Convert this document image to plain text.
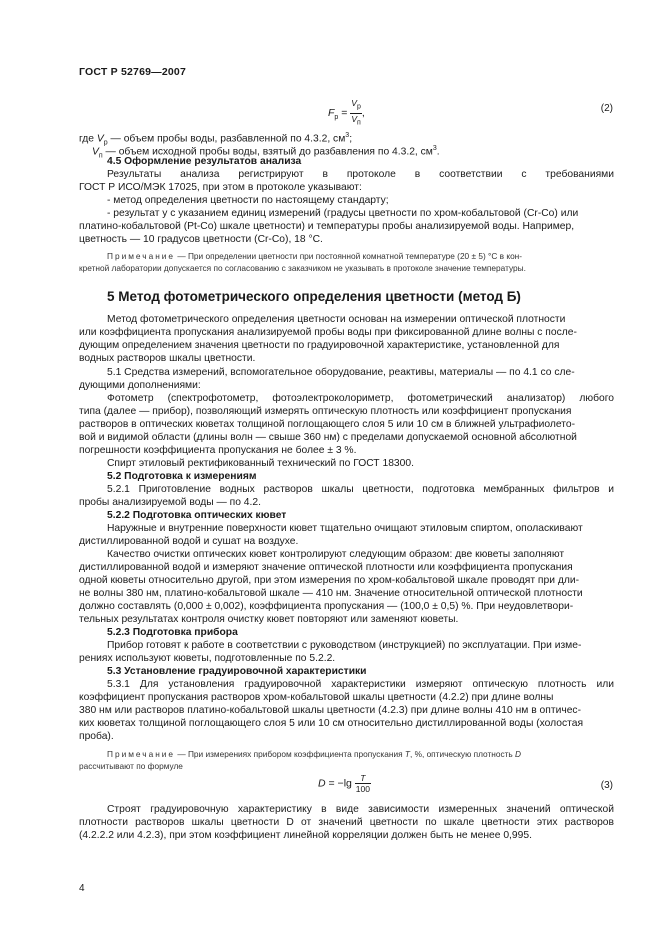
ГОСТ Р 52769—2007
$F_р = \frac{V_р}{V_п}$ ,	(2)
где $V_р$ — объем пробы воды, разбавленной по 4.3.2, $см^3$;
$V_п$ — объем исходной пробы воды, взятый до разбавления по 4.3.2, $см^3$.
4.5 Оформление результатов анализа
Результаты анализа регистрируют в протоколе в соответствии с требованиями
ГОСТ Р ИСО/МЭК 17025, при этом в протоколе указывают:
- метод определения цветности по настоящему стандарту;
- результат у с указанием единиц измерений (градусы цветности по хром-кобальтовой (Cr-Co) или
платино-кобальтовой (Pt-Co) шкале цветности) и температуры пробы анализируемой воды. Например,
цветность — 10 градусов цветности (Cr-Co), 18 °С.
Примечание — При определении цветности при постоянной комнатной температуре (20 ± 5) °С в кон-
кретной лаборатории допускается по согласованию с заказчиком не указывать в протоколе значение температуры.
5 Метод фотометрического определения цветности (метод Б)
Метод фотометрического определения цветности основан на измерении оптической плотности
или коэффициента пропускания анализируемой пробы воды при фиксированной длине волны с после-
дующим определением значения цветности по градуировочной характеристике, установленной для
водных растворов шкалы цветности.
5.1 Средства измерений, вспомогательное оборудование, реактивы, материалы — по 4.1 со сле-
дующими дополнениями:
Фотометр (спектрофотометр, фотоэлектроколориметр, фотометрический анализатор) любого
типа (далее — прибор), позволяющий измерять оптическую плотность или коэффициент пропускания
растворов в оптических кюветах толщиной поглощающего слоя 5 или 10 см в ближней ультрафиолето-
вой и видимой области (длины волн — свыше 360 нм) с пределами допускаемой основной абсолютной
погрешности коэффициента пропускания не более ± 3 %.
Спирт этиловый ректификованный технический по ГОСТ 18300.
5.2 Подготовка к измерениям
5.2.1 Приготовление водных растворов шкалы цветности, подготовка мембранных фильтров и
пробы анализируемой воды — по 4.2.
5.2.2 Подготовка оптических кювет
Наружные и внутренние поверхности кювет тщательно очищают этиловым спиртом, ополаскивают
дистиллированной водой и сушат на воздухе.
Качество очистки оптических кювет контролируют следующим образом: две кюветы заполняют
дистиллированной водой и измеряют значение оптической плотности или коэффициента пропускания
одной кюветы относительно другой, при этом измерения по хром-кобальтовой шкале проводят при дли-
не волны 380 нм, платино-кобальтовой шкале — 410 нм. Значение относительной оптической плотности
должно составлять (0,000 ± 0,002), коэффициента пропускания — (100,0 ± 0,5) %. При неудовлетвори-
тельных результатах контроля очистку кювет повторяют или заменяют кюветы.
5.2.3 Подготовка прибора
Прибор готовят к работе в соответствии с руководством (инструкцией) по эксплуатации. При изме-
рениях используют кюветы, подготовленные по 5.2.2.
5.3 Установление градуировочной характеристики
5.3.1 Для установления градуировочной характеристики измеряют оптическую плотность или
коэффициент пропускания растворов хром-кобальтовой шкалы цветности (4.2.2) при длине волны
380 нм или растворов платино-кобальтовой шкалы цветности (4.2.3) при длине волны 410 нм в оптичес-
ких кюветах толщиной поглощающего слоя 5 или 10 см относительно дистиллированной воды (холостая
проба).
Примечание — При измерениях прибором коэффициента пропускания T, %, оптическую плотность D
рассчитывают по формуле
$D = -\lg \frac{T}{100}$	(3)
Строят градуировочную характеристику в виде зависимости измеренных значений оптической
плотности растворов шкалы цветности D от значений цветности по шкале цветности этих растворов
(4.2.2.2 или 4.2.3), при этом коэффициент линейной корреляции должен быть не менее 0,995.
4
